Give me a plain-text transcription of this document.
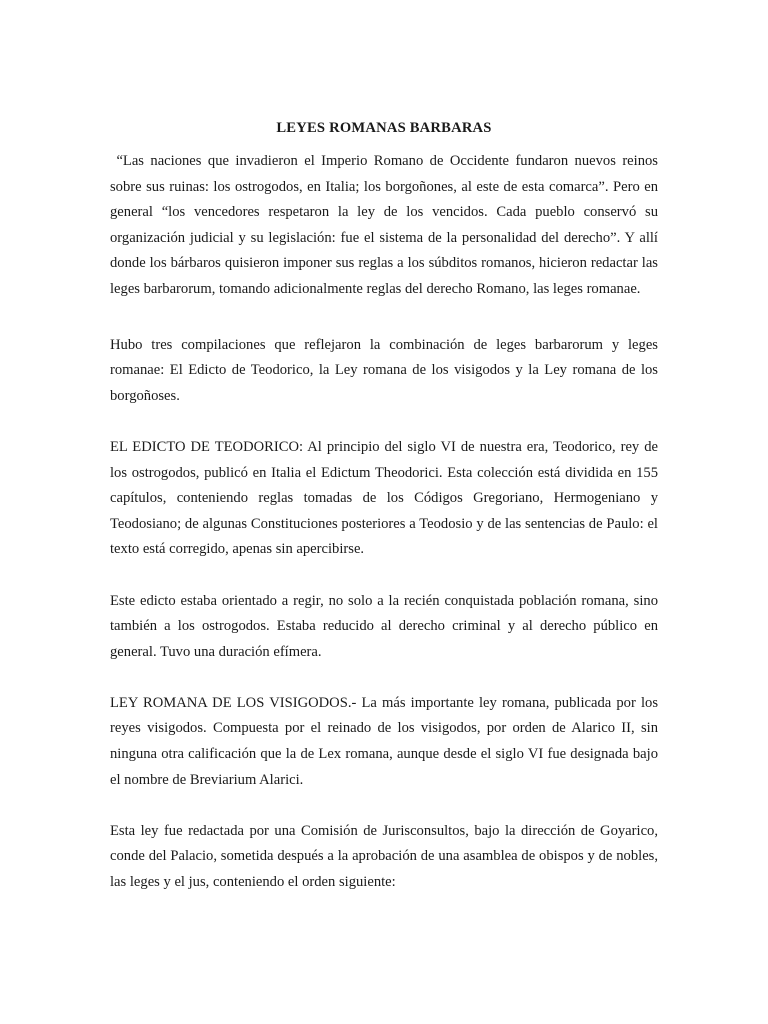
LEYES ROMANAS BARBARAS

“Las naciones que invadieron el Imperio Romano de Occidente fundaron nuevos reinos sobre sus ruinas: los ostrogodos, en Italia; los borgoñones, al este de esta comarca”. Pero en general “los vencedores respetaron la ley de los vencidos. Cada pueblo conservó su organización judicial y su legislación: fue el sistema de la personalidad del derecho”. Y allí donde los bárbaros quisieron imponer sus reglas a los súbditos romanos, hicieron redactar las leges barbarorum, tomando adicionalmente reglas del derecho Romano, las leges romanae.

Hubo tres compilaciones que reflejaron la combinación de leges barbarorum y leges romanae: El Edicto de Teodorico, la Ley romana de los visigodos y la Ley romana de los borgoñoses.

EL EDICTO DE TEODORICO: Al principio del siglo VI de nuestra era, Teodorico, rey de los ostrogodos, publicó en Italia el Edictum Theodorici. Esta colección está dividida en 155 capítulos, conteniendo reglas tomadas de los Códigos Gregoriano, Hermogeniano y Teodosiano; de algunas Constituciones posteriores a Teodosio y de las sentencias de Paulo: el texto está corregido, apenas sin apercibirse.

Este edicto estaba orientado a regir, no solo a la recién conquistada población romana, sino también a los ostrogodos. Estaba reducido al derecho criminal y al derecho público en general. Tuvo una duración efímera.

LEY ROMANA DE LOS VISIGODOS.- La más importante ley romana, publicada por los reyes visigodos. Compuesta por el reinado de los visigodos, por orden de Alarico II, sin ninguna otra calificación que la de Lex romana, aunque desde el siglo VI fue designada bajo el nombre de Breviarium Alarici.

Esta ley fue redactada por una Comisión de Jurisconsultos, bajo la dirección de Goyarico, conde del Palacio, sometida después a la aprobación de una asamblea de obispos y de nobles, las leges y el jus, conteniendo el orden siguiente:
